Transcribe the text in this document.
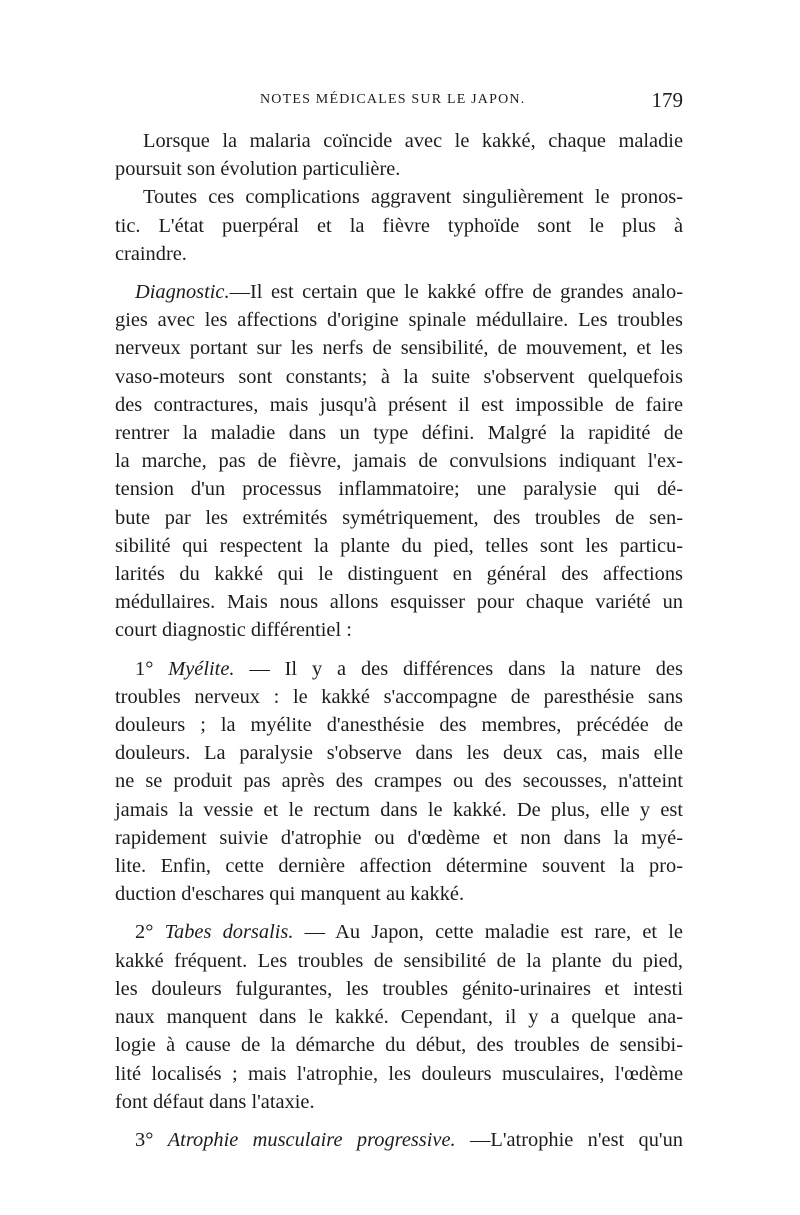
NOTES MÉDICALES SUR LE JAPON.	179
Lorsque la malaria coïncide avec le kakké, chaque maladie
poursuit son évolution particulière.
Toutes ces complications aggravent singulièrement le pronos-
tic. L'état puerpéral et la fièvre typhoïde sont le plus à
craindre.
Diagnostic.—Il est certain que le kakké offre de grandes analo-
gies avec les affections d'origine spinale médullaire. Les troubles
nerveux portant sur les nerfs de sensibilité, de mouvement, et les
vaso-moteurs sont constants; à la suite s'observent quelquefois
des contractures, mais jusqu'à présent il est impossible de faire
rentrer la maladie dans un type défini. Malgré la rapidité de
la marche, pas de fièvre, jamais de convulsions indiquant l'ex-
tension d'un processus inflammatoire; une paralysie qui dé-
bute par les extrémités symétriquement, des troubles de sen-
sibilité qui respectent la plante du pied, telles sont les particu-
larités du kakké qui le distinguent en général des affections
médullaires. Mais nous allons esquisser pour chaque variété un
court diagnostic différentiel :
1° Myélite. — Il y a des différences dans la nature des
troubles nerveux : le kakké s'accompagne de paresthésie sans
douleurs ; la myélite d'anesthésie des membres, précédée de
douleurs. La paralysie s'observe dans les deux cas, mais elle
ne se produit pas après des crampes ou des secousses, n'atteint
jamais la vessie et le rectum dans le kakké. De plus, elle y est
rapidement suivie d'atrophie ou d'œdème et non dans la myé-
lite. Enfin, cette dernière affection détermine souvent la pro-
duction d'eschares qui manquent au kakké.
2° Tabes dorsalis. — Au Japon, cette maladie est rare, et le
kakké fréquent. Les troubles de sensibilité de la plante du pied,
les douleurs fulgurantes, les troubles génito-urinaires et intesti
naux manquent dans le kakké. Cependant, il y a quelque ana-
logie à cause de la démarche du début, des troubles de sensibi-
lité localisés ; mais l'atrophie, les douleurs musculaires, l'œdème
font défaut dans l'ataxie.
3° Atrophie musculaire progressive. —L'atrophie n'est qu'un
